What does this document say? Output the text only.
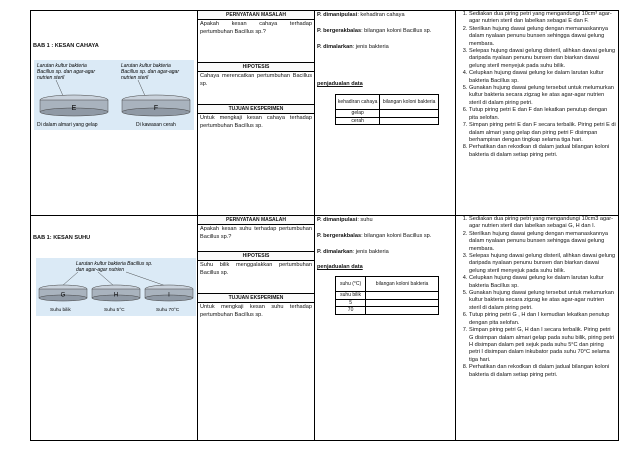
BAB 1 : KESAN CAHAYA

PERNYATAAN MASALAH
Apakah kesan cahaya terhadap pertumbuhan Bacillus sp.?
HIPOTESIS
Cahaya merencatkan pertumbuhan Bacillus sp.
TUJUAN EKSPERIMEN
Untuk mengkaji kesan cahaya terhadap pertumbuhan Bacillus sp.

P. dimanipulasi: kehadiran cahaya
P. bergerakbalas: bilangan koloni Bacillus sp.
P. dimalarkan: jenis bakteria
penjadualan data
kehadiran cahaya	bilangan koloni bakteria
gelap	
cerah	

1. Sediakan dua piring petri yang mengandungi 10cm³ agar-agar nutrien steril dan labelkan sebagai E dan F.
2. Sterilkan hujung dawai gelung dengan memanaskannya dalam nyalaan penunu bunsen sehingga dawai gelung membara.
3. Selepas hujung dawai gelung disteril, alihkan dawai gelung daripada nyalaan penunu bunsen dan biarkan dawai gelung steril menyejuk pada suhu bilik.
4. Celupkan hujung dawai gelung ke dalam larutan kultur bakteria Bacillus sp.
5. Gunakan hujung dawai gelung tersebut untuk melumurkan kultur bakteria secara zigzag ke atas agar-agar nutrien steril di dalam piring petri.
6. Tutup piring petri E dan F dan lekatkan penutup dengan pita selofan.
7. Simpan piring petri E dan F secara terbalik. Piring petri E di dalam almari yang gelap dan piring petri F disimpan berhampiran dengan tingkap selama tiga hari.
8. Perhatikan dan rekodkan di dalam jadual bilangan koloni bakteria di dalam setiap piring petri.

BAB 1: KESAN SUHU

PERNYATAAN MASALAH
Apakah kesan suhu terhadap pertumbuhan Bacillus sp.?
HIPOTESIS
Suhu bilik menggalakkan pertumbuhan Bacillus sp.
TUJUAN EKSPERIMEN
Untuk mengkaji kesan suhu terhadap pertumbuhan Bacillus sp.

P. dimanipulasi: suhu
P. bergerakbalas: bilangan koloni Bacillus sp.
P. dimalarkan: jenis bakteria
penjadualan data
suhu (°C)	bilangan koloni bakteria
suhu bilik	
5	
70	

1. Sediakan dua piring petri yang mengandungi 10cm3 agar-agar nutrien steril dan labelkan sebagai G, H dan I.
2. Sterilkan hujung dawai gelung dengan memanaskannya dalam nyalaan penunu bunsen sehingga dawai gelung membara.
3. Selepas hujung dawai gelung disteril, alihkan dawai gelung daripada nyalaan penunu bunsen dan biarkan dawai gelung steril menyejuk pada suhu bilik.
4. Celupkan hujung dawai gelung ke dalam larutan kultur bakteria Bacillus sp.
5. Gunakan hujung dawai gelung tersebut untuk melumurkan kultur bakteria secara zigzag ke atas agar-agar nutrien steril di dalam piring petri.
6. Tutup piring petri G , H dan I kemudian lekatkan penutup dengan pita selofan.
7. Simpan piring petri G, H dan I secara terbalik. Piring petri G disimpan dalam almari gelap pada suhu bilik, piring petri H disimpan dalam peti sejuk pada suhu 5°C dan piring petri I disimpan dalam inkubator pada suhu 70°C selama tiga hari.
8. Perhatikan dan rekodkan di dalam jadual bilangan koloni bakteria di dalam setiap piring petri.
Larutan kultur bakteria
Bacillus sp. dan agar-agar
nutrien steril
Larutan kultur bakteria
Bacillus sp. dan agar-agar
nutrien steril
E	F
Di dalam almari yang gelap	Di kawasan cerah
Larutan kultur bakteria Bacillus sp.
dan agar-agar nutrien
G	H	I
Suhu bilik	Suhu 5°C	Suhu 70°C
